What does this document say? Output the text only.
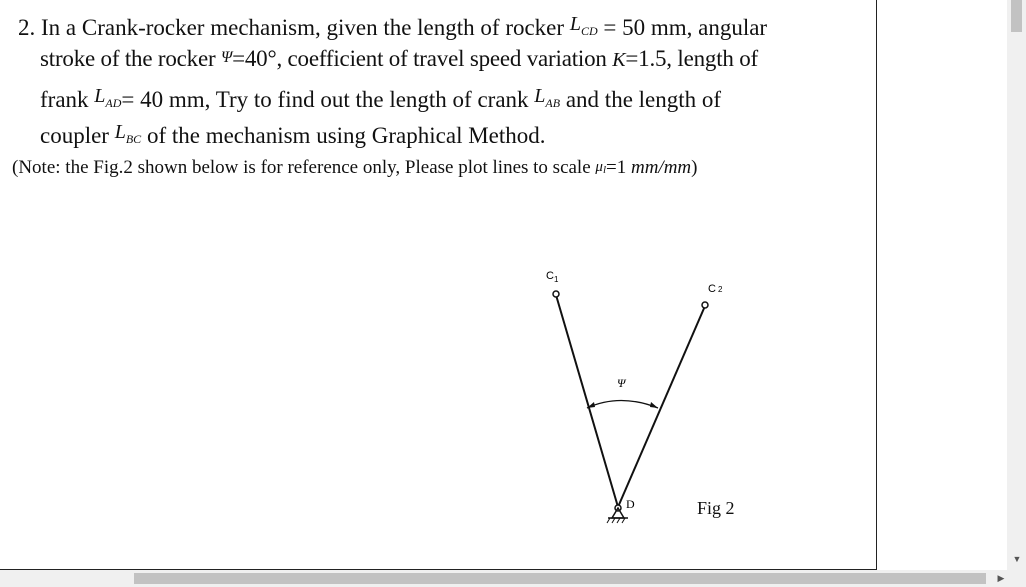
2. In a Crank-rocker mechanism, given the length of rocker LCD = 50 mm, angular
stroke of the rocker Ψ=40°, coefficient of travel speed variation K=1.5, length of
frank LAD= 40 mm, Try to find out the length of crank LAB and the length of
coupler LBC of the mechanism using Graphical Method.
(Note: the Fig.2 shown below is for reference only, Please plot lines to scale μl=1 mm/mm)
$C_1$
C 2
Ψ
D	Fig 2
▼
▶
